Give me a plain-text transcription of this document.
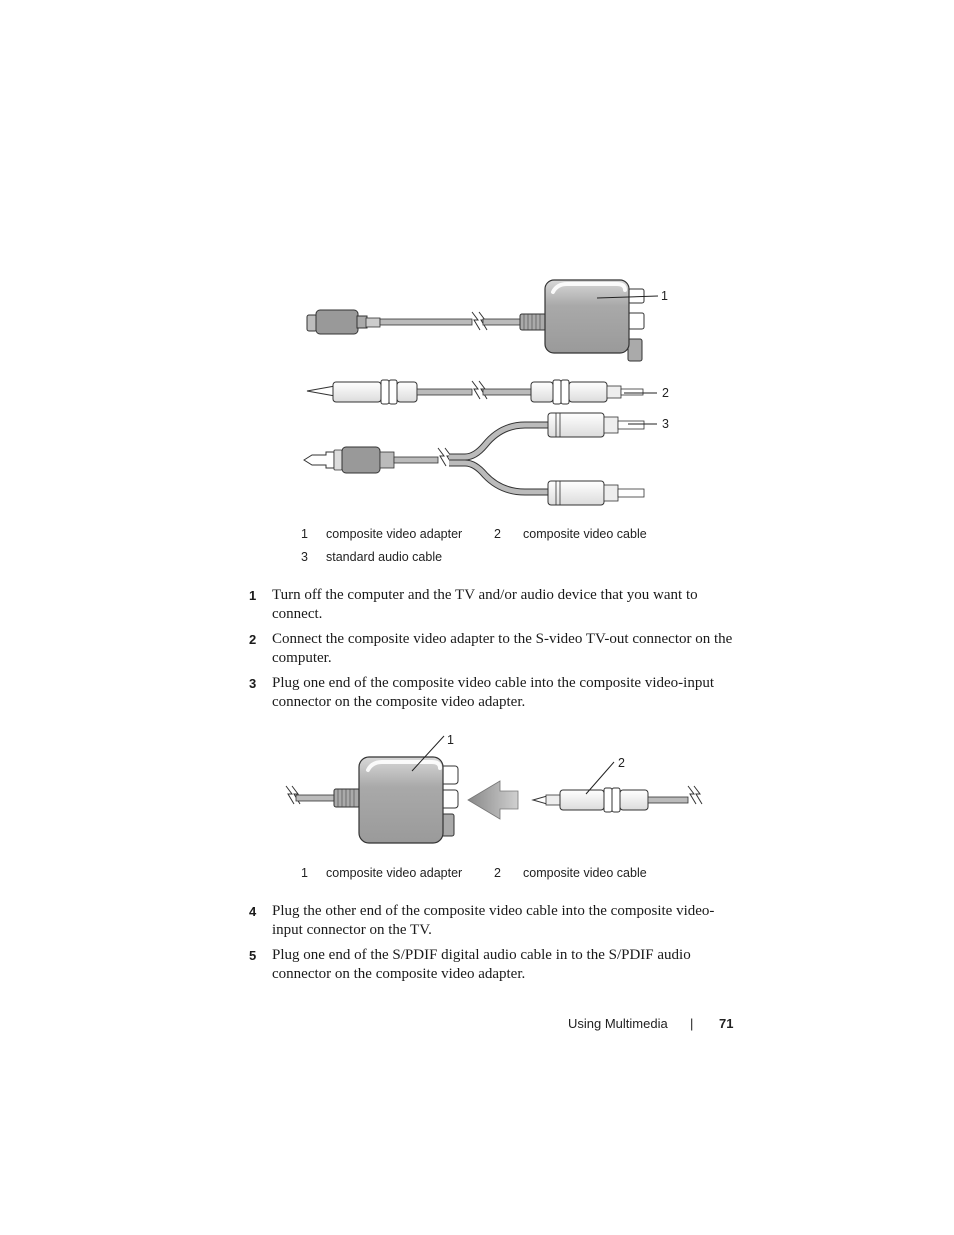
1
2
3
1 composite video adapter	2 composite video cable
3 standard audio cable
1 Turn off the computer and the TV and/or audio device that you want to connect.
2 Connect the composite video adapter to the S-video TV-out connector on the computer.
3 Plug one end of the composite video cable into the composite video-input connector on the composite video adapter.
1
2
1 composite video adapter	2 composite video cable
4 Plug the other end of the composite video cable into the composite video-input connector on the TV.
5 Plug one end of the S/PDIF digital audio cable in to the S/PDIF audio connector on the composite video adapter.
Using Multimedia | 71
